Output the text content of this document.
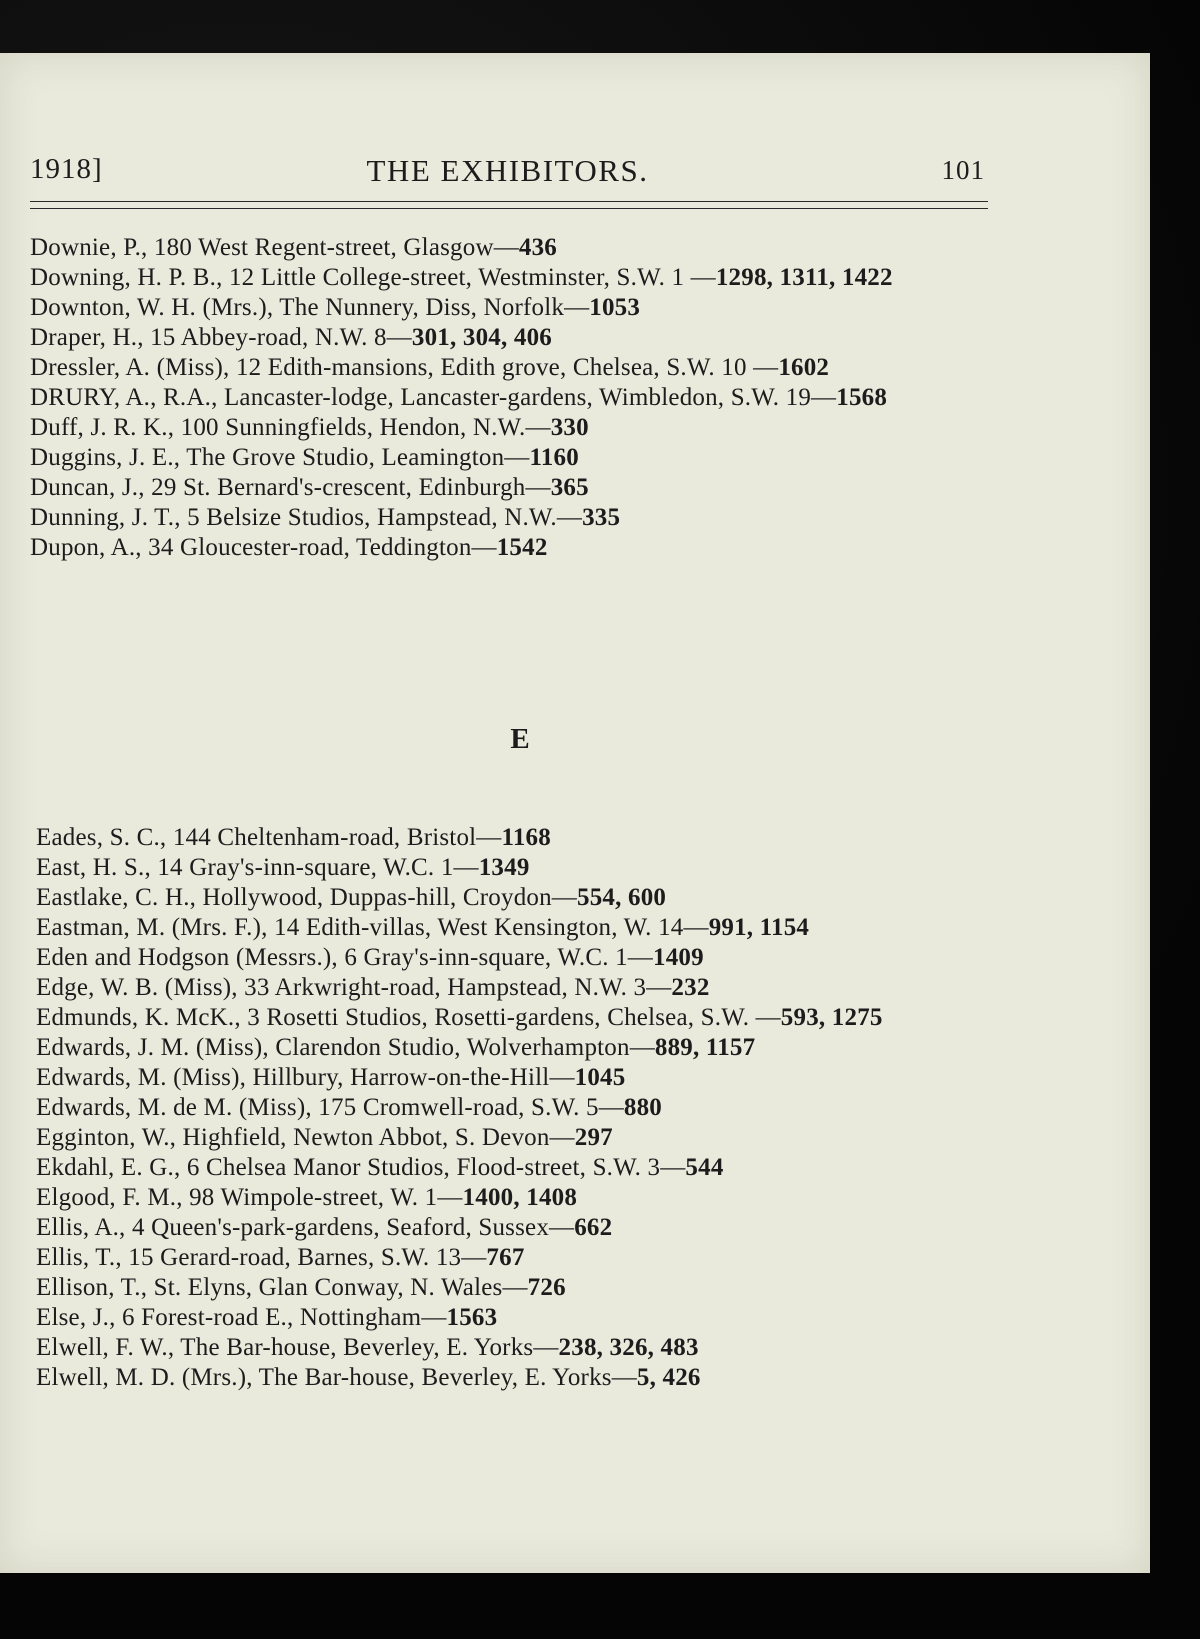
1918]	THE EXHIBITORS.	101

Downie, P., 180 West Regent-street, Glasgow—436

Downing, H. P. B., 12 Little College-street, Westminster, S.W. 1 —1298, 1311, 1422

Downton, W. H. (Mrs.), The Nunnery, Diss, Norfolk—1053

Draper, H., 15 Abbey-road, N.W. 8—301, 304, 406

Dressler, A. (Miss), 12 Edith-mansions, Edith grove, Chelsea, S.W. 10 —1602

DRURY, A., R.A., Lancaster-lodge, Lancaster-gardens, Wimbledon, S.W. 19—1568

Duff, J. R. K., 100 Sunningfields, Hendon, N.W.—330

Duggins, J. E., The Grove Studio, Leamington—1160

Duncan, J., 29 St. Bernard's-crescent, Edinburgh—365

Dunning, J. T., 5 Belsize Studios, Hampstead, N.W.—335

Dupon, A., 34 Gloucester-road, Teddington—1542

E

Eades, S. C., 144 Cheltenham-road, Bristol—1168

East, H. S., 14 Gray's-inn-square, W.C. 1—1349

Eastlake, C. H., Hollywood, Duppas-hill, Croydon—554, 600

Eastman, M. (Mrs. F.), 14 Edith-villas, West Kensington, W. 14—991, 1154

Eden and Hodgson (Messrs.), 6 Gray's-inn-square, W.C. 1—1409

Edge, W. B. (Miss), 33 Arkwright-road, Hampstead, N.W. 3—232

Edmunds, K. McK., 3 Rosetti Studios, Rosetti-gardens, Chelsea, S.W. —593, 1275

Edwards, J. M. (Miss), Clarendon Studio, Wolverhampton—889, 1157

Edwards, M. (Miss), Hillbury, Harrow-on-the-Hill—1045

Edwards, M. de M. (Miss), 175 Cromwell-road, S.W. 5—880

Egginton, W., Highfield, Newton Abbot, S. Devon—297

Ekdahl, E. G., 6 Chelsea Manor Studios, Flood-street, S.W. 3—544

Elgood, F. M., 98 Wimpole-street, W. 1—1400, 1408

Ellis, A., 4 Queen's-park-gardens, Seaford, Sussex—662

Ellis, T., 15 Gerard-road, Barnes, S.W. 13—767

Ellison, T., St. Elyns, Glan Conway, N. Wales—726

Else, J., 6 Forest-road E., Nottingham—1563

Elwell, F. W., The Bar-house, Beverley, E. Yorks—238, 326, 483

Elwell, M. D. (Mrs.), The Bar-house, Beverley, E. Yorks—5, 426
